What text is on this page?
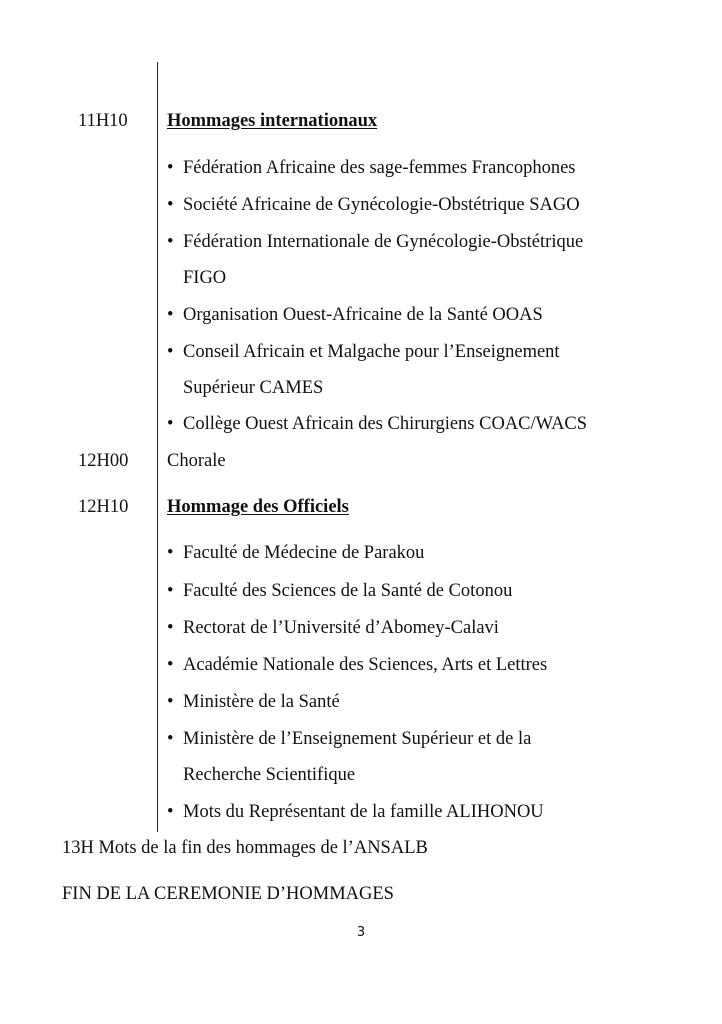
11H10 Hommages internationaux
• Fédération Africaine des sage-femmes Francophones
• Société Africaine de Gynécologie-Obstétrique SAGO
• Fédération Internationale de Gynécologie-Obstétrique
FIGO
• Organisation Ouest-Africaine de la Santé OOAS
• Conseil Africain et Malgache pour l’Enseignement
Supérieur CAMES
• Collège Ouest Africain des Chirurgiens COAC/WACS
12H00 Chorale
12H10 Hommage des Officiels
• Faculté de Médecine de Parakou
• Faculté des Sciences de la Santé de Cotonou
• Rectorat de l’Université d’Abomey-Calavi
• Académie Nationale des Sciences, Arts et Lettres
• Ministère de la Santé
• Ministère de l’Enseignement Supérieur et de la
Recherche Scientifique
• Mots du Représentant de la famille ALIHONOU
13H Mots de la fin des hommages de l’ANSALB
FIN DE LA CEREMONIE D’HOMMAGES
3
